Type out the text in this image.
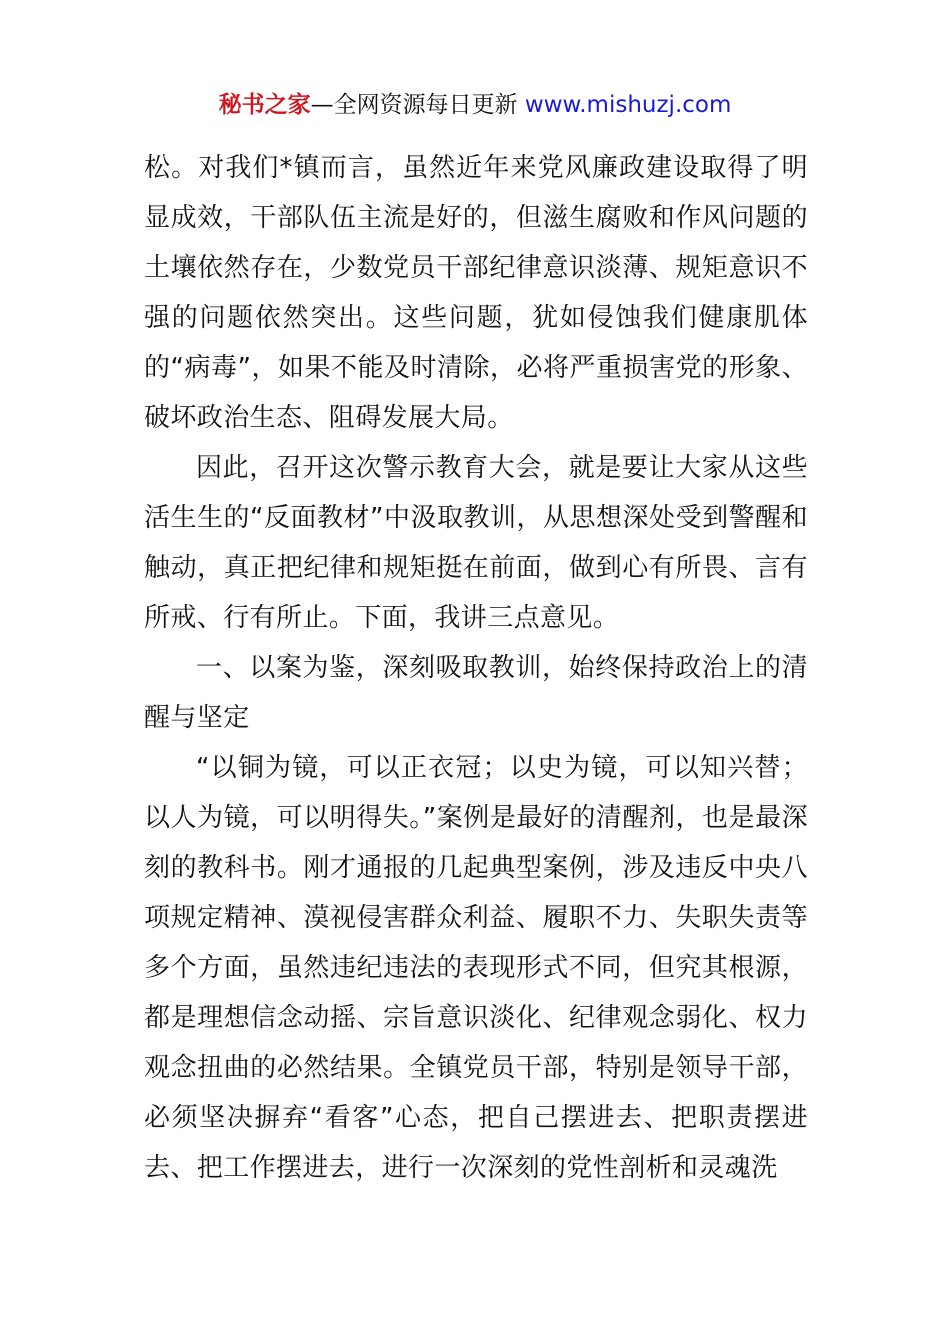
秘书之家—全网资源每日更新 www.mishuzj.com

松。对我们*镇而言，虽然近年来党风廉政建设取得了明显成效，干部队伍主流是好的，但滋生腐败和作风问题的土壤依然存在，少数党员干部纪律意识淡薄、规矩意识不强的问题依然突出。这些问题，犹如侵蚀我们健康肌体的“病毒”，如果不能及时清除，必将严重损害党的形象、破坏政治生态、阻碍发展大局。

因此，召开这次警示教育大会，就是要让大家从这些活生生的“反面教材”中汲取教训，从思想深处受到警醒和触动，真正把纪律和规矩挺在前面，做到心有所畏、言有所戒、行有所止。下面，我讲三点意见。

一、以案为鉴，深刻吸取教训，始终保持政治上的清醒与坚定

“以铜为镜，可以正衣冠；以史为镜，可以知兴替；以人为镜，可以明得失。”案例是最好的清醒剂，也是最深刻的教科书。刚才通报的几起典型案例，涉及违反中央八项规定精神、漠视侵害群众利益、履职不力、失职失责等多个方面，虽然违纪违法的表现形式不同，但究其根源，都是理想信念动摇、宗旨意识淡化、纪律观念弱化、权力观念扭曲的必然结果。全镇党员干部，特别是领导干部，必须坚决摒弃“看客”心态，把自己摆进去、把职责摆进去、把工作摆进去，进行一次深刻的党性剖析和灵魂洗
